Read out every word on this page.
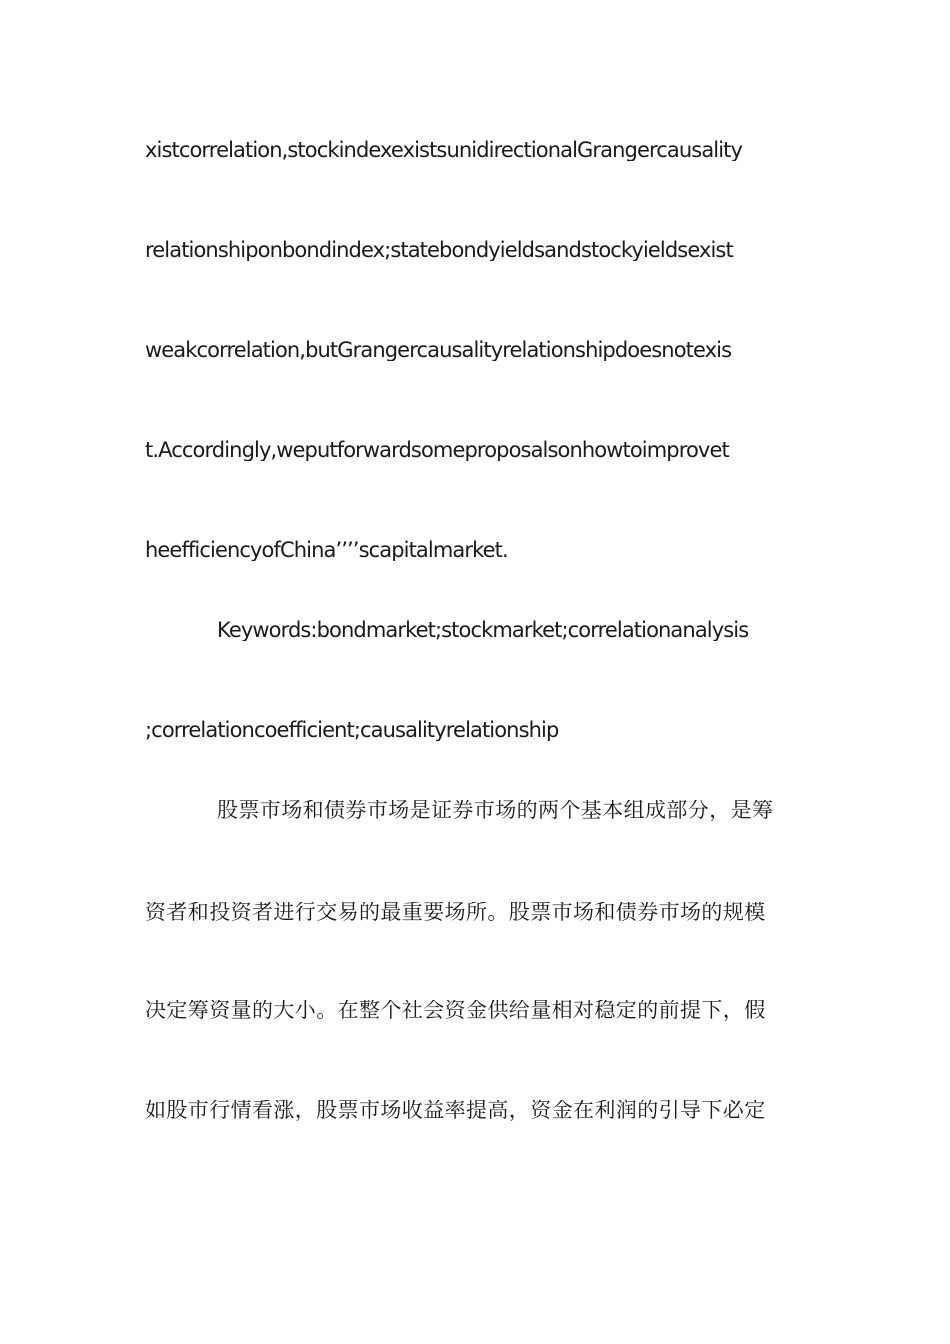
xistcorrelation,stockindexexistsunidirectionalGrangercausality
relationshiponbondindex;statebondyieldsandstockyieldsexist
weakcorrelation,butGrangercausalityrelationshipdoesnotexis
t.Accordingly,weputforwardsomeproposalsonhowtoimprovet
heefficiencyofChina’’’’scapitalmarket.
Keywords:bondmarket;stockmarket;correlationanalysis
;correlationcoefficient;causalityrelationship
股票市场和债券市场是证券市场的两个基本组成部分，是筹
资者和投资者进行交易的最重要场所。股票市场和债券市场的规模
决定筹资量的大小。在整个社会资金供给量相对稳定的前提下，假
如股市行情看涨，股票市场收益率提高，资金在利润的引导下必定
